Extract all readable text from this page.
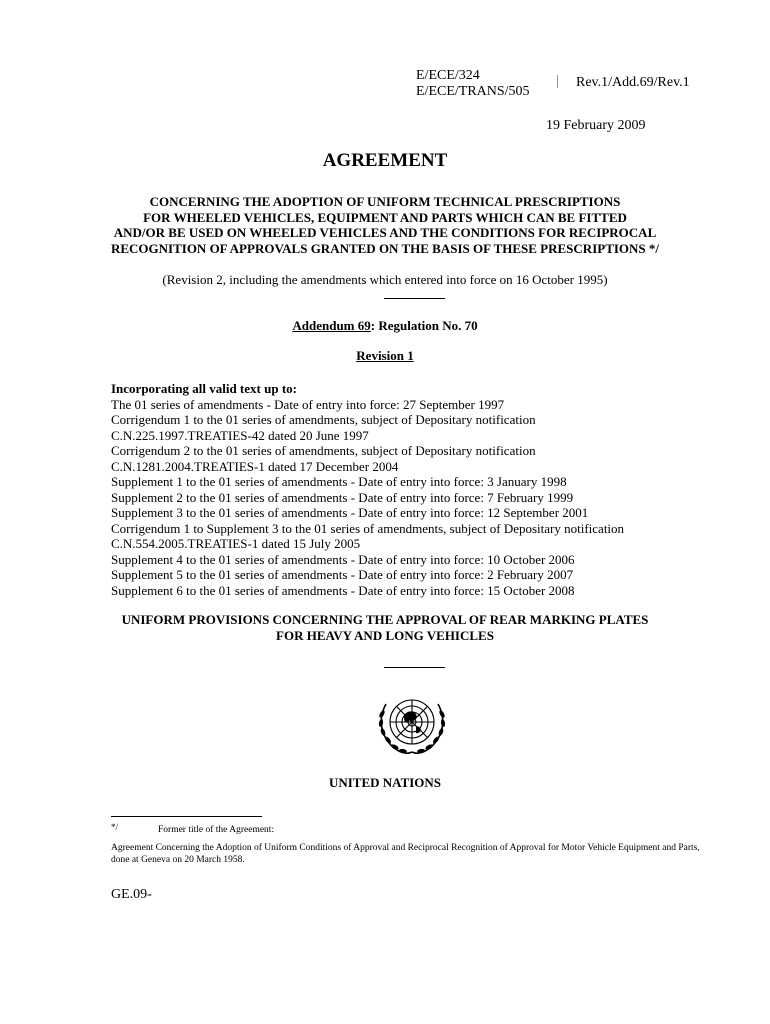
E/ECE/324
E/ECE/TRANS/505
Rev.1/Add.69/Rev.1
19 February 2009
AGREEMENT
CONCERNING THE ADOPTION OF UNIFORM TECHNICAL PRESCRIPTIONS
FOR WHEELED VEHICLES, EQUIPMENT AND PARTS WHICH CAN BE FITTED
AND/OR BE USED ON WHEELED VEHICLES AND THE CONDITIONS FOR RECIPROCAL
RECOGNITION OF APPROVALS GRANTED ON THE BASIS OF THESE PRESCRIPTIONS */
(Revision 2, including the amendments which entered into force on 16 October 1995)
Addendum 69: Regulation No. 70
Revision 1
Incorporating all valid text up to:
The 01 series of amendments - Date of entry into force: 27 September 1997
Corrigendum 1 to the 01 series of amendments, subject of Depositary notification
C.N.225.1997.TREATIES-42 dated 20 June 1997
Corrigendum 2 to the 01 series of amendments, subject of Depositary notification
C.N.1281.2004.TREATIES-1 dated 17 December 2004
Supplement 1 to the 01 series of amendments - Date of entry into force: 3 January 1998
Supplement 2 to the 01 series of amendments - Date of entry into force: 7 February 1999
Supplement 3 to the 01 series of amendments - Date of entry into force: 12 September 2001
Corrigendum 1 to Supplement 3 to the 01 series of amendments, subject of Depositary notification
C.N.554.2005.TREATIES-1 dated 15 July 2005
Supplement 4 to the 01 series of amendments - Date of entry into force: 10 October 2006
Supplement 5 to the 01 series of amendments - Date of entry into force: 2 February 2007
Supplement 6 to the 01 series of amendments - Date of entry into force: 15 October 2008
UNIFORM PROVISIONS CONCERNING THE APPROVAL OF REAR MARKING PLATES
FOR HEAVY AND LONG VEHICLES
UNITED NATIONS
*/	Former title of the Agreement:
Agreement Concerning the Adoption of Uniform Conditions of Approval and Reciprocal Recognition of Approval for Motor Vehicle Equipment and Parts, done at Geneva on 20 March 1958.
GE.09-
